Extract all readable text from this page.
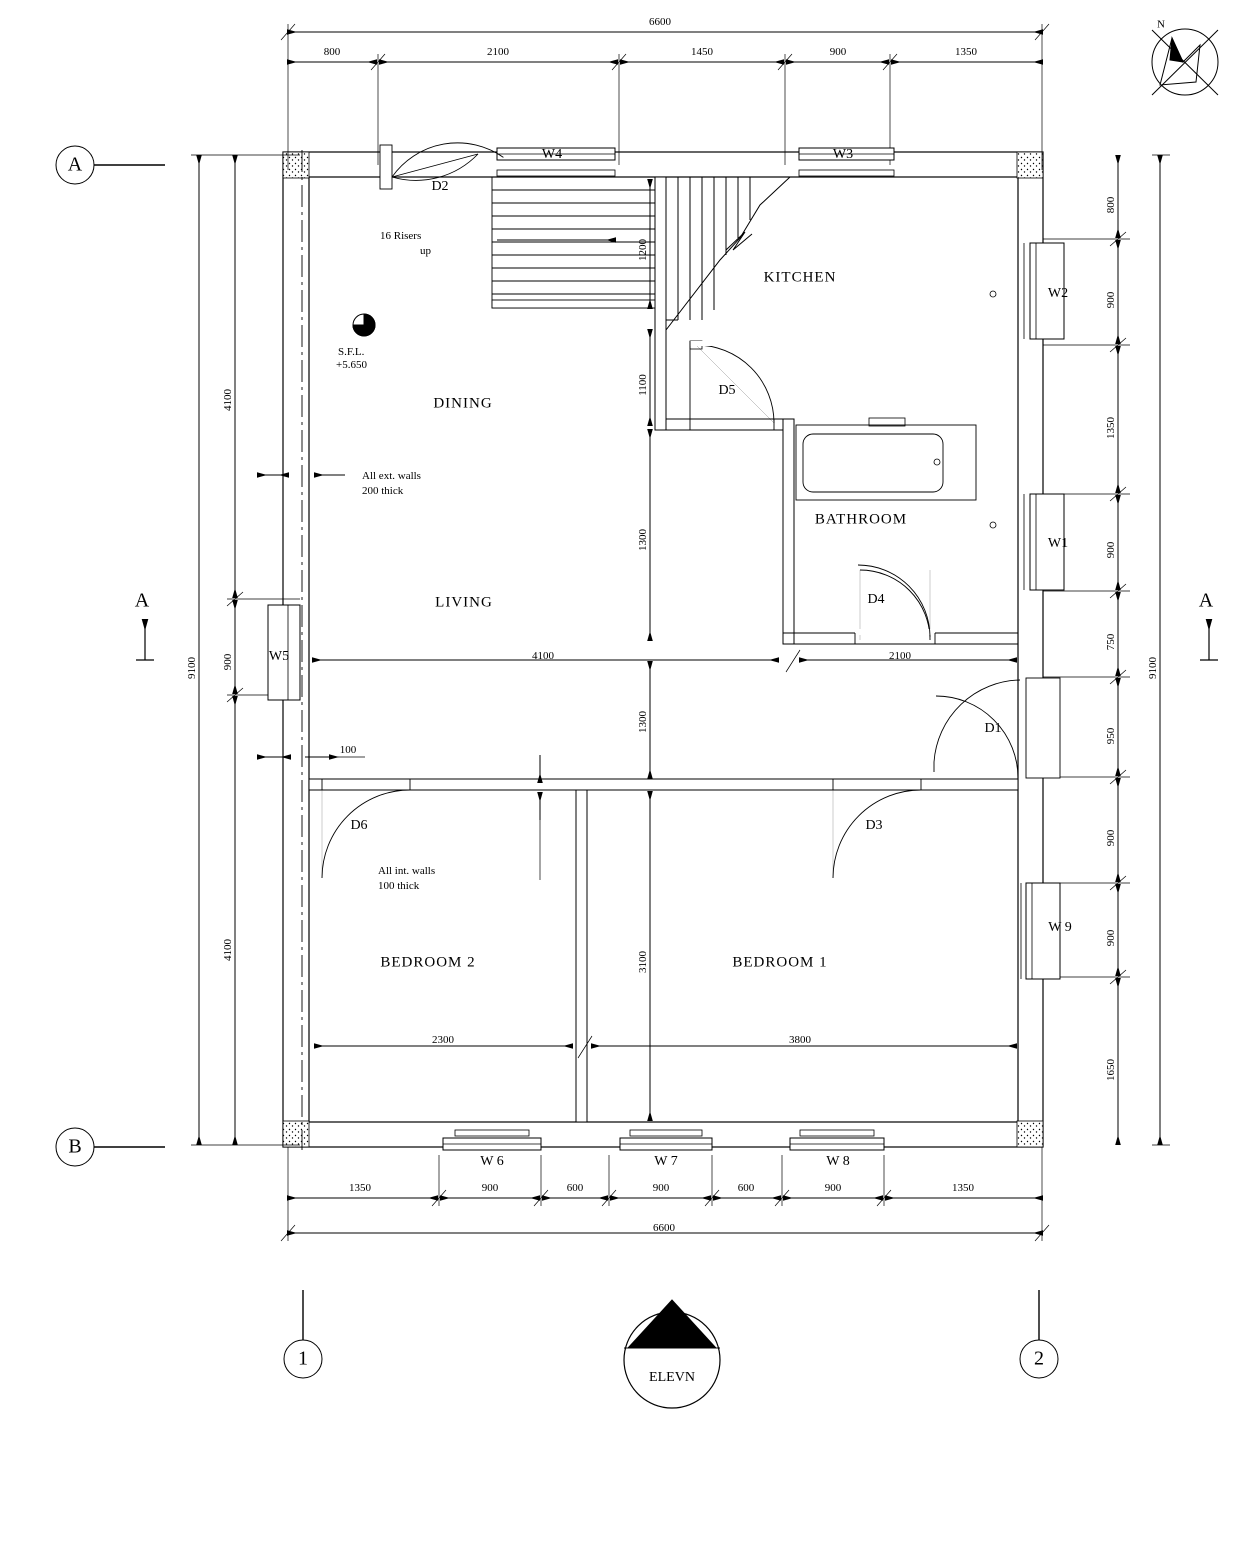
6600
800	2100	1450	900	1350
6600
1350	900	600	900	600	900	1350
9100
4100
900
4100
9100
800
900
1350
900
750
950
900
900
1650
1200
1100
1300
1300
3100
4100	2100
2300	3800
100
KITCHEN
DINING
LIVING
BATHROOM
BEDROOM 2	BEDROOM 1
W2
W1
W 9
W4	W3
W5
W 6	W 7	W 8
D2
D5
D4
D1
D3
D6
16 Risers
up
S.F.L.
+5.650
All ext. walls
200 thick
All int. walls
100 thick
A
B
1	2
A	A
ELEVN
N
